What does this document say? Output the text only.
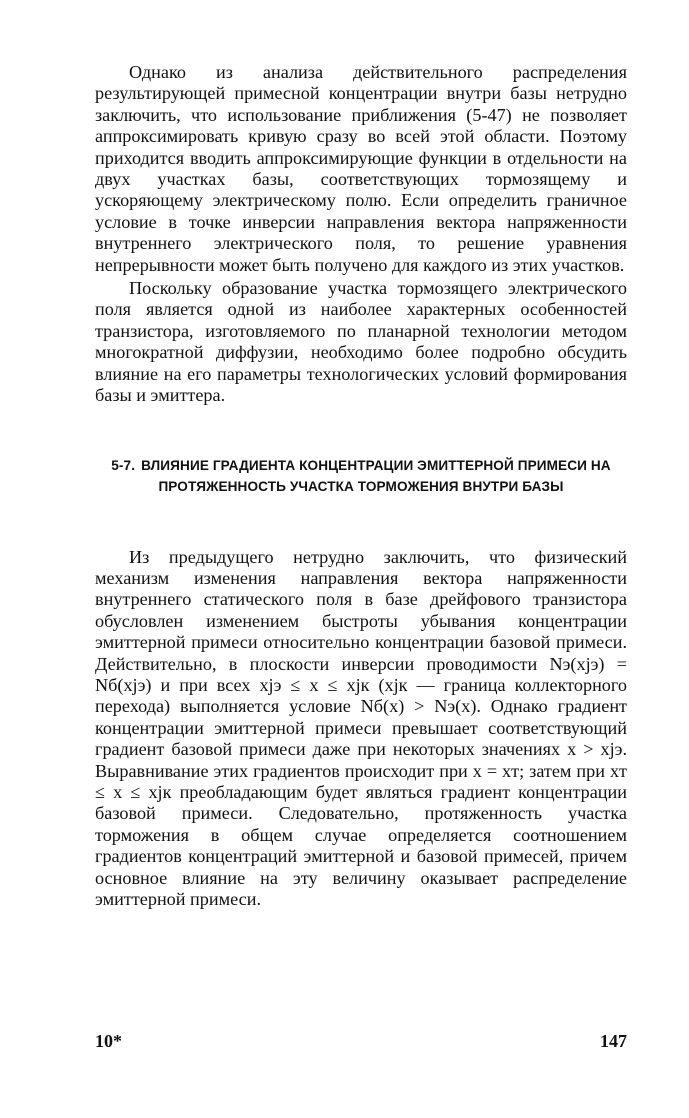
Однако из анализа действительного распределения результирующей примесной концентрации внутри базы нетрудно заключить, что использование приближения (5-47) не позволяет аппроксимировать кривую сразу во всей этой области. Поэтому приходится вводить аппроксимирующие функции в отдельности на двух участках базы, соответствующих тормозящему и ускоряющему электрическому полю. Если определить граничное условие в точке инверсии направления вектора напряженности внутреннего электрического поля, то решение уравнения непрерывности может быть получено для каждого из этих участков.

Поскольку образование участка тормозящего электрического поля является одной из наиболее характерных особенностей транзистора, изготовляемого по планарной технологии методом многократной диффузии, необходимо более подробно обсудить влияние на его параметры технологических условий формирования базы и эмиттера.

5-7. ВЛИЯНИЕ ГРАДИЕНТА КОНЦЕНТРАЦИИ ЭМИТТЕРНОЙ ПРИМЕСИ НА ПРОТЯЖЕННОСТЬ УЧАСТКА ТОРМОЖЕНИЯ ВНУТРИ БАЗЫ

Из предыдущего нетрудно заключить, что физический механизм изменения направления вектора напряженности внутреннего статического поля в базе дрейфового транзистора обусловлен изменением быстроты убывания концентрации эмиттерной примеси относительно концентрации базовой примеси. Действительно, в плоскости инверсии проводимости Nэ(xjэ) = Nб(xjэ) и при всех xjэ ≤ x ≤ xjк (xjк — граница коллекторного перехода) выполняется условие Nб(x) > Nэ(x). Однако градиент концентрации эмиттерной примеси превышает соответствующий градиент базовой примеси даже при некоторых значениях x > xjэ. Выравнивание этих градиентов происходит при x = xт; затем при xт ≤ x ≤ xjк преобладающим будет являться градиент концентрации базовой примеси. Следовательно, протяженность участка торможения в общем случае определяется соотношением градиентов концентраций эмиттерной и базовой примесей, причем основное влияние на эту величину оказывает распределение эмиттерной примеси.

10*	147
